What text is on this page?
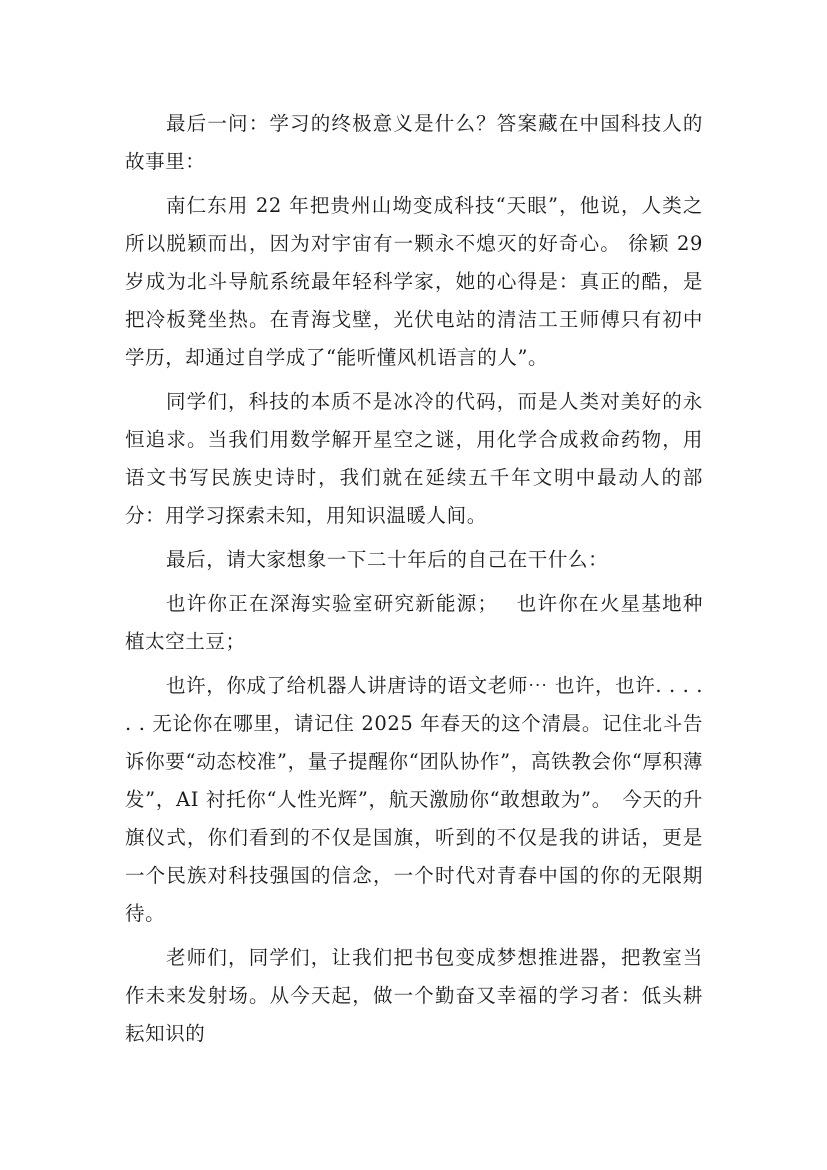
最后一问：学习的终极意义是什么？答案藏在中国科技人的故事里：

南仁东用 22 年把贵州山坳变成科技“天眼”，他说，人类之所以脱颖而出，因为对宇宙有一颗永不熄灭的好奇心。 徐颖 29 岁成为北斗导航系统最年轻科学家，她的心得是：真正的酷，是把冷板凳坐热。在青海戈壁，光伏电站的清洁工王师傅只有初中学历，却通过自学成了“能听懂风机语言的人”。

同学们，科技的本质不是冰冷的代码，而是人类对美好的永恒追求。当我们用数学解开星空之谜，用化学合成救命药物，用语文书写民族史诗时，我们就在延续五千年文明中最动人的部分：用学习探索未知，用知识温暖人间。

最后，请大家想象一下二十年后的自己在干什么：

也许你正在深海实验室研究新能源；　 也许你在火星基地种植太空土豆；

也许，你成了给机器人讲唐诗的语文老师⋯ 也许，也许. . . . . . 无论你在哪里，请记住 2025 年春天的这个清晨。记住北斗告诉你要“动态校准”，量子提醒你“团队协作”，高铁教会你“厚积薄发”，AI 衬托你“人性光辉”，航天激励你“敢想敢为”。　今天的升旗仪式，你们看到的不仅是国旗，听到的不仅是我的讲话，更是一个民族对科技强国的信念，一个时代对青春中国的你的无限期待。

老师们，同学们，让我们把书包变成梦想推进器，把教室当作未来发射场。从今天起，做一个勤奋又幸福的学习者：低头耕耘知识的
